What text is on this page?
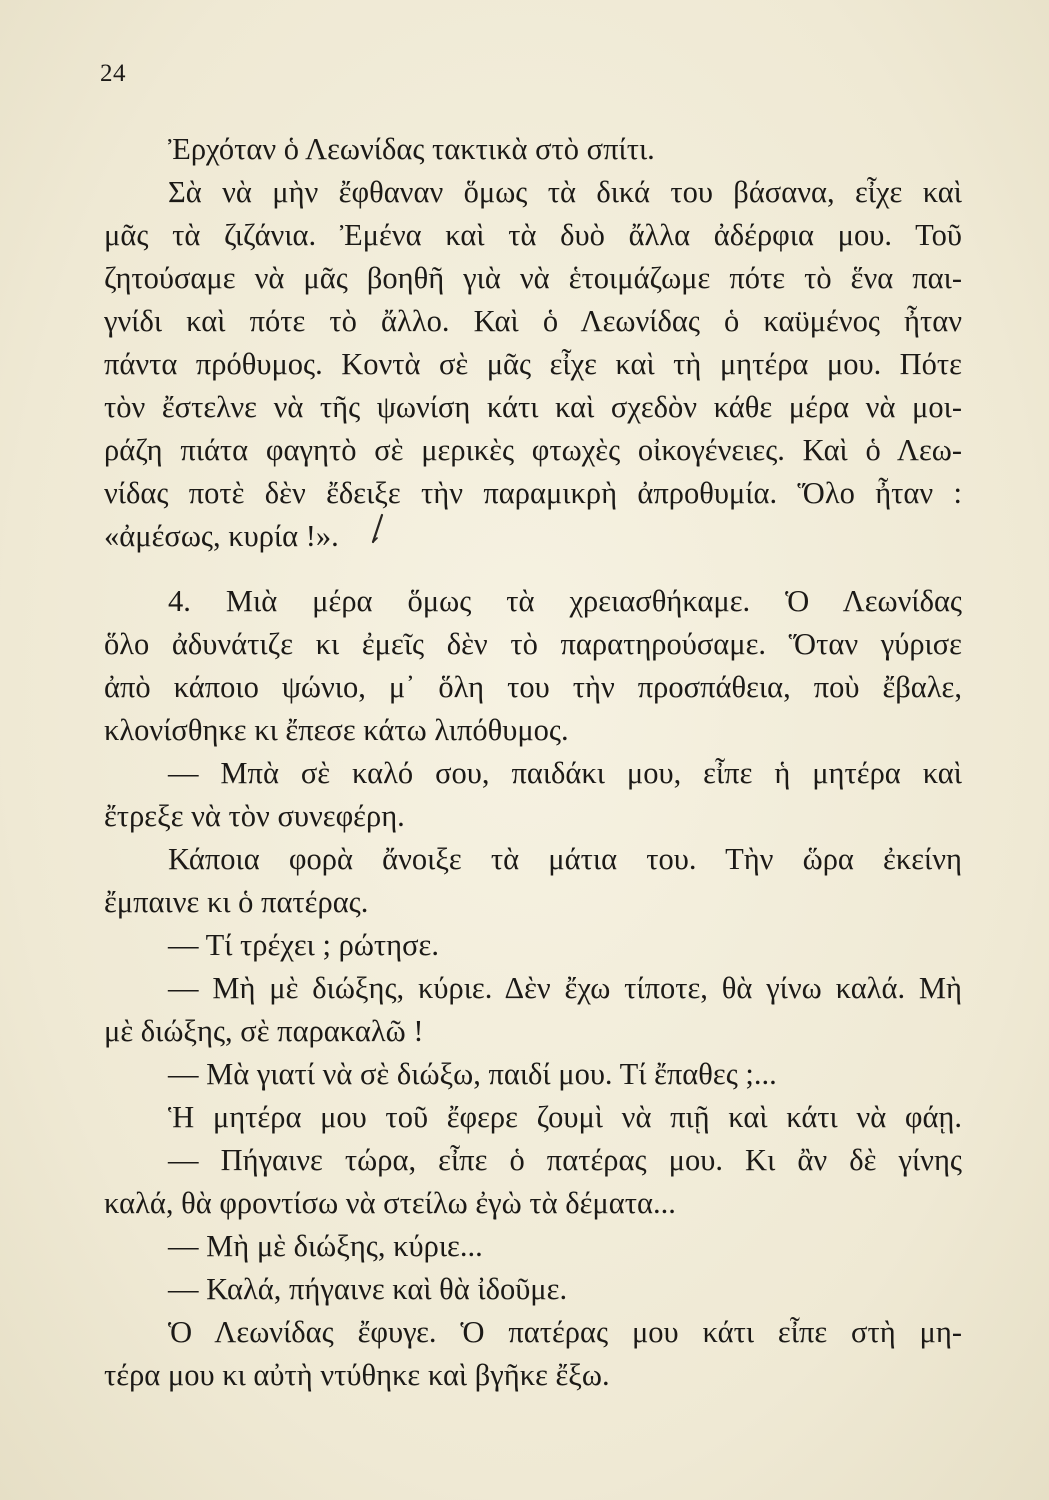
24
Ἐρχόταν ὁ Λεωνίδας τακτικὰ στὸ σπίτι.
Σὰ νὰ μὴν ἔφθαναν ὅμως τὰ δικά του βάσανα, εἶχε καὶ
μᾶς τὰ ζιζάνια. Ἐμένα καὶ τὰ δυὸ ἄλλα ἀδέρφια μου. Τοῦ
ζητούσαμε νὰ μᾶς βοηθῆ γιὰ νὰ ἑτοιμάζωμε πότε τὸ ἕνα παι-
γνίδι καὶ πότε τὸ ἄλλο. Καὶ ὁ Λεωνίδας ὁ καϋμένος ἦταν
πάντα πρόθυμος. Κοντὰ σὲ μᾶς εἶχε καὶ τὴ μητέρα μου. Πότε
τὸν ἔστελνε νὰ τῆς ψωνίση κάτι καὶ σχεδὸν κάθε μέρα νὰ μοι-
ράζη πιάτα φαγητὸ σὲ μερικὲς φτωχὲς οἰκογένειες. Καὶ ὁ Λεω-
νίδας ποτὲ δὲν ἔδειξε τὴν παραμικρὴ ἀπροθυμία. Ὅλο ἦταν :
«ἀμέσως, κυρία !».
4. Μιὰ μέρα ὅμως τὰ χρειασθήκαμε. Ὁ Λεωνίδας
ὅλο ἀδυνάτιζε κι ἐμεῖς δὲν τὸ παρατηρούσαμε. Ὅταν γύρισε
ἀπὸ κάποιο ψώνιο, μ᾽ ὅλη του τὴν προσπάθεια, ποὺ ἔβαλε,
κλονίσθηκε κι ἔπεσε κάτω λιπόθυμος.
— Μπὰ σὲ καλό σου, παιδάκι μου, εἶπε ἡ μητέρα καὶ
ἔτρεξε νὰ τὸν συνεφέρη.
Κάποια φορὰ ἄνοιξε τὰ μάτια του. Τὴν ὥρα ἐκείνη
ἔμπαινε κι ὁ πατέρας.
— Τί τρέχει ; ρώτησε.
— Μὴ μὲ διώξης, κύριε. Δὲν ἔχω τίποτε, θὰ γίνω καλά. Μὴ
μὲ διώξης, σὲ παρακαλῶ !
— Μὰ γιατί νὰ σὲ διώξω, παιδί μου. Τί ἔπαθες ;...
Ἡ μητέρα μου τοῦ ἔφερε ζουμὶ νὰ πιῇ καὶ κάτι νὰ φάῃ.
— Πήγαινε τώρα, εἶπε ὁ πατέρας μου. Κι ἂν δὲ γίνης
καλά, θὰ φροντίσω νὰ στείλω ἐγὼ τὰ δέματα...
— Μὴ μὲ διώξης, κύριε...
— Καλά, πήγαινε καὶ θὰ ἰδοῦμε.
Ὁ Λεωνίδας ἔφυγε. Ὁ πατέρας μου κάτι εἶπε στὴ μη-
τέρα μου κι αὐτὴ ντύθηκε καὶ βγῆκε ἔξω.
